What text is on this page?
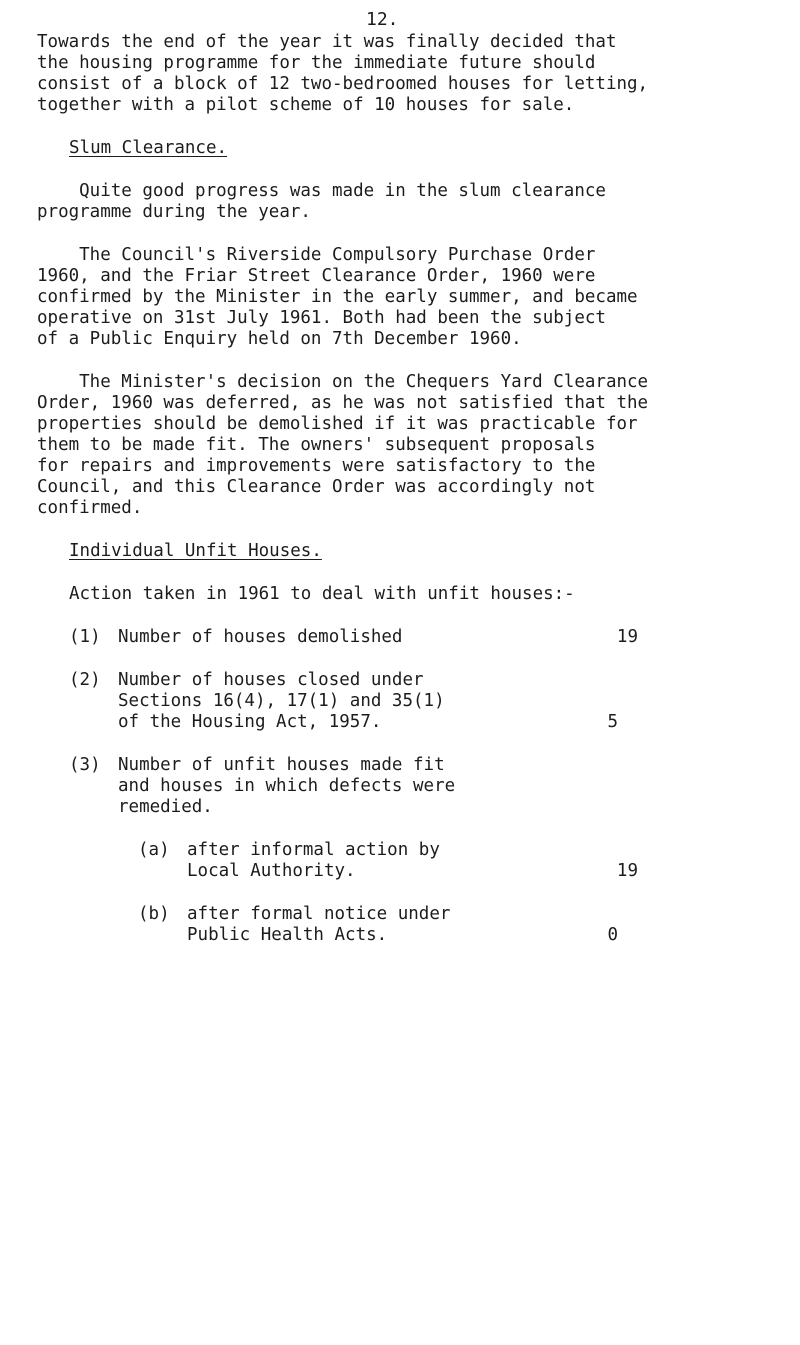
12.
Towards the end of the year it was finally decided that
the housing programme for the immediate future should
consist of a block of 12 two-bedroomed houses for letting,
together with a pilot scheme of 10 houses for sale.
Slum Clearance.
Quite good progress was made in the slum clearance
programme during the year.
The Council's Riverside Compulsory Purchase Order
1960, and the Friar Street Clearance Order, 1960 were
confirmed by the Minister in the early summer, and became
operative on 31st July 1961. Both had been the subject
of a Public Enquiry held on 7th December 1960.
The Minister's decision on the Chequers Yard Clearance
Order, 1960 was deferred, as he was not satisfied that the
properties should be demolished if it was practicable for
them to be made fit. The owners' subsequent proposals
for repairs and improvements were satisfactory to the
Council, and this Clearance Order was accordingly not
confirmed.
Individual Unfit Houses.
Action taken in 1961 to deal with unfit houses:-
(1) Number of houses demolished	19
(2) Number of houses closed under
Sections 16(4), 17(1) and 35(1)
of the Housing Act, 1957.	5
(3) Number of unfit houses made fit
and houses in which defects were
remedied.
(a) after informal action by
Local Authority.	19
(b) after formal notice under
Public Health Acts.	0
